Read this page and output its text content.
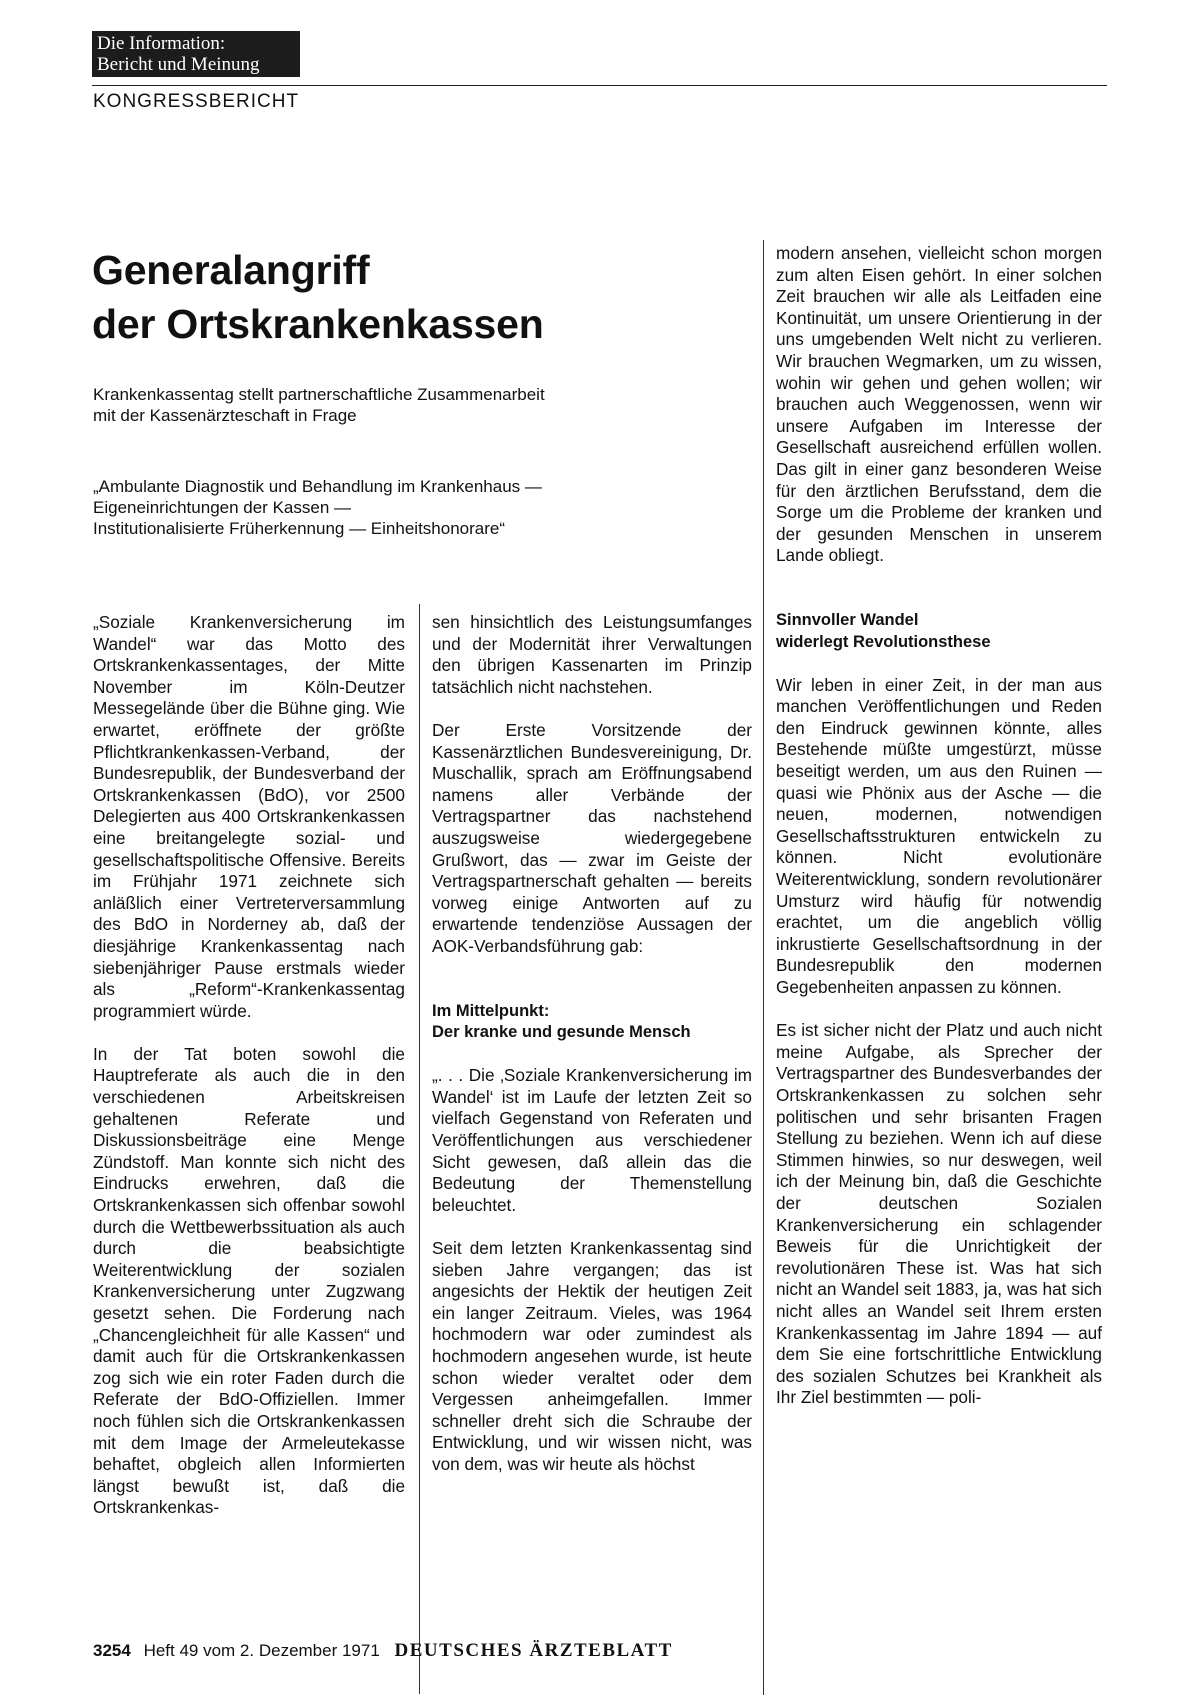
Die Information:
Bericht und Meinung
KONGRESSBERICHT
Generalangriff
der Ortskrankenkassen
Krankenkassentag stellt partnerschaftliche Zusammenarbeit
mit der Kassenärzteschaft in Frage
„Ambulante Diagnostik und Behandlung im Krankenhaus —
Eigeneinrichtungen der Kassen —
Institutionalisierte Früherkennung — Einheitshonorare“

„Soziale Krankenversicherung im Wandel“ war das Motto des Ortskrankenkassentages, der Mitte November im Köln-Deutzer Messegelände über die Bühne ging. Wie erwartet, eröffnete der größte Pflichtkrankenkassen-Verband, der Bundesrepublik, der Bundesverband der Ortskrankenkassen (BdO), vor 2500 Delegierten aus 400 Ortskrankenkassen eine breitangelegte sozial- und gesellschaftspolitische Offensive. Bereits im Frühjahr 1971 zeichnete sich anläßlich einer Vertreterversammlung des BdO in Norderney ab, daß der diesjährige Krankenkassentag nach siebenjähriger Pause erstmals wieder als „Reform“-Krankenkassentag programmiert würde.

In der Tat boten sowohl die Hauptreferate als auch die in den verschiedenen Arbeitskreisen gehaltenen Referate und Diskussionsbeiträge eine Menge Zündstoff. Man konnte sich nicht des Eindrucks erwehren, daß die Ortskrankenkassen sich offenbar sowohl durch die Wettbewerbssituation als auch durch die beabsichtigte Weiterentwicklung der sozialen Krankenversicherung unter Zugzwang gesetzt sehen. Die Forderung nach „Chancengleichheit für alle Kassen“ und damit auch für die Ortskrankenkassen zog sich wie ein roter Faden durch die Referate der BdO-Offiziellen. Immer noch fühlen sich die Ortskrankenkassen mit dem Image der Armeleutekasse behaftet, obgleich allen Informierten längst bewußt ist, daß die Ortskrankenkas-

sen hinsichtlich des Leistungsumfanges und der Modernität ihrer Verwaltungen den übrigen Kassenarten im Prinzip tatsächlich nicht nachstehen.

Der Erste Vorsitzende der Kassenärztlichen Bundesvereinigung, Dr. Muschallik, sprach am Eröffnungsabend namens aller Verbände der Vertragspartner das nachstehend auszugsweise wiedergegebene Grußwort, das — zwar im Geiste der Vertragspartnerschaft gehalten — bereits vorweg einige Antworten auf zu erwartende tendenziöse Aussagen der AOK-Verbandsführung gab:

Im Mittelpunkt:
Der kranke und gesunde Mensch

„. . . Die ‚Soziale Krankenversicherung im Wandel‘ ist im Laufe der letzten Zeit so vielfach Gegenstand von Referaten und Veröffentlichungen aus verschiedener Sicht gewesen, daß allein das die Bedeutung der Themenstellung beleuchtet.

Seit dem letzten Krankenkassentag sind sieben Jahre vergangen; das ist angesichts der Hektik der heutigen Zeit ein langer Zeitraum. Vieles, was 1964 hochmodern war oder zumindest als hochmodern angesehen wurde, ist heute schon wieder veraltet oder dem Vergessen anheimgefallen. Immer schneller dreht sich die Schraube der Entwicklung, und wir wissen nicht, was von dem, was wir heute als höchst

modern ansehen, vielleicht schon morgen zum alten Eisen gehört. In einer solchen Zeit brauchen wir alle als Leitfaden eine Kontinuität, um unsere Orientierung in der uns umgebenden Welt nicht zu verlieren. Wir brauchen Wegmarken, um zu wissen, wohin wir gehen und gehen wollen; wir brauchen auch Weggenossen, wenn wir unsere Aufgaben im Interesse der Gesellschaft ausreichend erfüllen wollen. Das gilt in einer ganz besonderen Weise für den ärztlichen Berufsstand, dem die Sorge um die Probleme der kranken und der gesunden Menschen in unserem Lande obliegt.

Sinnvoller Wandel
widerlegt Revolutionsthese

Wir leben in einer Zeit, in der man aus manchen Veröffentlichungen und Reden den Eindruck gewinnen könnte, alles Bestehende müßte umgestürzt, müsse beseitigt werden, um aus den Ruinen — quasi wie Phönix aus der Asche — die neuen, modernen, notwendigen Gesellschaftsstrukturen entwickeln zu können. Nicht evolutionäre Weiterentwicklung, sondern revolutionärer Umsturz wird häufig für notwendig erachtet, um die angeblich völlig inkrustierte Gesellschaftsordnung in der Bundesrepublik den modernen Gegebenheiten anpassen zu können.

Es ist sicher nicht der Platz und auch nicht meine Aufgabe, als Sprecher der Vertragspartner des Bundesverbandes der Ortskrankenkassen zu solchen sehr politischen und sehr brisanten Fragen Stellung zu beziehen. Wenn ich auf diese Stimmen hinwies, so nur deswegen, weil ich der Meinung bin, daß die Geschichte der deutschen Sozialen Krankenversicherung ein schlagender Beweis für die Unrichtigkeit der revolutionären These ist. Was hat sich nicht an Wandel seit 1883, ja, was hat sich nicht alles an Wandel seit Ihrem ersten Krankenkassentag im Jahre 1894 — auf dem Sie eine fortschrittliche Entwicklung des sozialen Schutzes bei Krankheit als Ihr Ziel bestimmten — poli-

3254 Heft 49 vom 2. Dezember 1971 DEUTSCHES ÄRZTEBLATT
